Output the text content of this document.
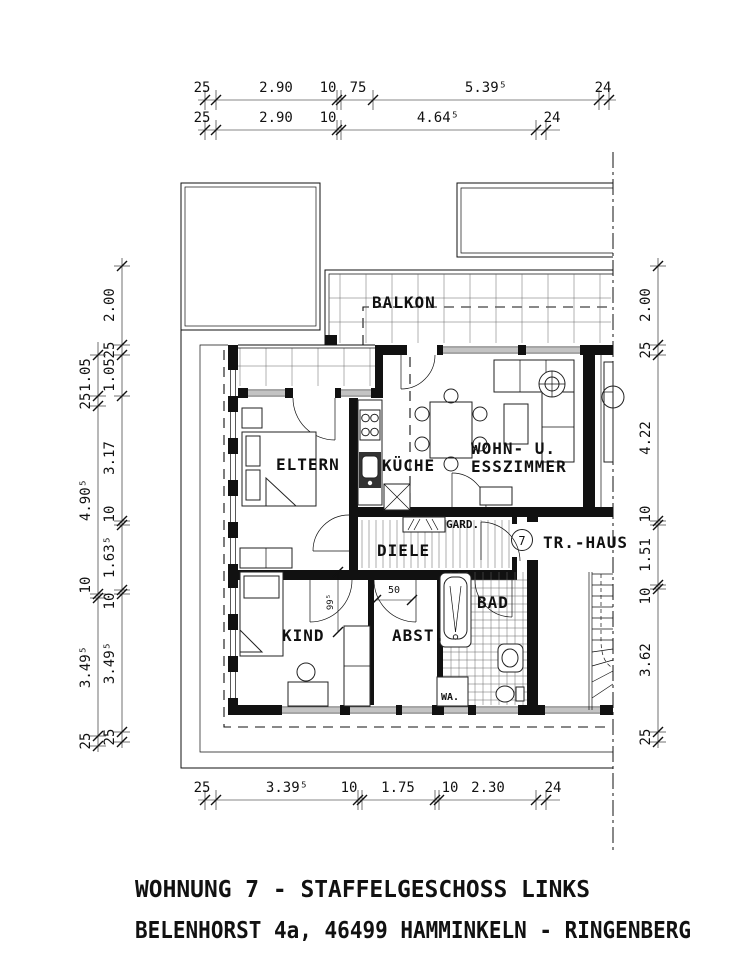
BALKON
ELTERN	KÜCHE
WOHN- U.
ESSZIMMER
DIELE
GARD.
KIND	ABST.
BAD
WA.
TR.-HAUS
7
25	2.90 10 75	5.39⁵	24
25	2.90 10	4.64⁵	24
1.05
25
4.90⁵
10
3.49⁵
25
2.00
25
1.05
3.17
10
1.63⁵
10
3.49⁵
25
2.00
25
4.22
10
1.51
10
3.62
25
25	3.39⁵ 10 1.75 10 2.30	24
50
99⁵
WOHNUNG 7 - STAFFELGESCHOSS LINKS
BELENHORST 4a, 46499 HAMMINKELN - RINGENBERG
